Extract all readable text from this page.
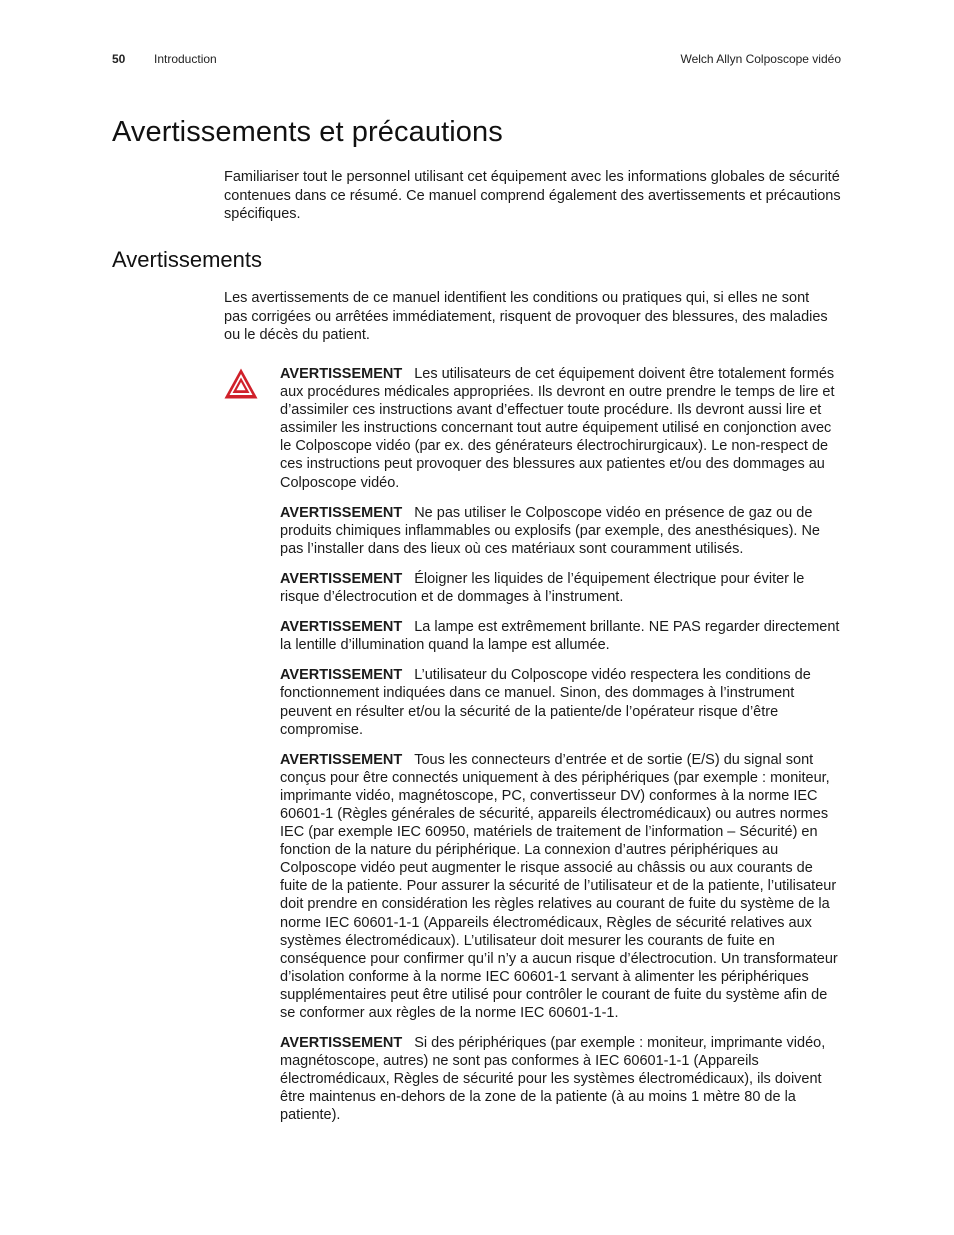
50 Introduction	Welch Allyn Colposcope vidéo
Avertissements et précautions

Familiariser tout le personnel utilisant cet équipement avec les informations globales de sécurité contenues dans ce résumé. Ce manuel comprend également des avertissements et précautions spécifiques.

Avertissements

Les avertissements de ce manuel identifient les conditions ou pratiques qui, si elles ne sont pas corrigées ou arrêtées immédiatement, risquent de provoquer des blessures, des maladies ou le décès du patient.

AVERTISSEMENT Les utilisateurs de cet équipement doivent être totalement formés aux procédures médicales appropriées. Ils devront en outre prendre le temps de lire et d’assimiler ces instructions avant d’effectuer toute procédure. Ils devront aussi lire et assimiler les instructions concernant tout autre équipement utilisé en conjonction avec le Colposcope vidéo (par ex. des générateurs électrochirurgicaux). Le non-respect de ces instructions peut provoquer des blessures aux patientes et/ou des dommages au Colposcope vidéo.

AVERTISSEMENT Ne pas utiliser le Colposcope vidéo en présence de gaz ou de produits chimiques inflammables ou explosifs (par exemple, des anesthésiques). Ne pas l’installer dans des lieux où ces matériaux sont couramment utilisés.

AVERTISSEMENT Éloigner les liquides de l’équipement électrique pour éviter le risque d’électrocution et de dommages à l’instrument.

AVERTISSEMENT La lampe est extrêmement brillante. NE PAS regarder directement la lentille d’illumination quand la lampe est allumée.

AVERTISSEMENT L’utilisateur du Colposcope vidéo respectera les conditions de fonctionnement indiquées dans ce manuel. Sinon, des dommages à l’instrument peuvent en résulter et/ou la sécurité de la patiente/de l’opérateur risque d’être compromise.

AVERTISSEMENT Tous les connecteurs d’entrée et de sortie (E/S) du signal sont conçus pour être connectés uniquement à des périphériques (par exemple : moniteur, imprimante vidéo, magnétoscope, PC, convertisseur DV) conformes à la norme IEC 60601-1 (Règles générales de sécurité, appareils électromédicaux) ou autres normes IEC (par exemple IEC 60950, matériels de traitement de l’information – Sécurité) en fonction de la nature du périphérique. La connexion d’autres périphériques au Colposcope vidéo peut augmenter le risque associé au châssis ou aux courants de fuite de la patiente. Pour assurer la sécurité de l’utilisateur et de la patiente, l’utilisateur doit prendre en considération les règles relatives au courant de fuite du système de la norme IEC 60601-1-1 (Appareils électromédicaux, Règles de sécurité relatives aux systèmes électromédicaux). L’utilisateur doit mesurer les courants de fuite en conséquence pour confirmer qu’il n’y a aucun risque d’électrocution. Un transformateur d’isolation conforme à la norme IEC 60601-1 servant à alimenter les périphériques supplémentaires peut être utilisé pour contrôler le courant de fuite du système afin de se conformer aux règles de la norme IEC 60601-1-1.

AVERTISSEMENT Si des périphériques (par exemple : moniteur, imprimante vidéo, magnétoscope, autres) ne sont pas conformes à IEC 60601-1-1 (Appareils électromédicaux, Règles de sécurité pour les systèmes électromédicaux), ils doivent être maintenus en-dehors de la zone de la patiente (à au moins 1 mètre 80 de la patiente).
